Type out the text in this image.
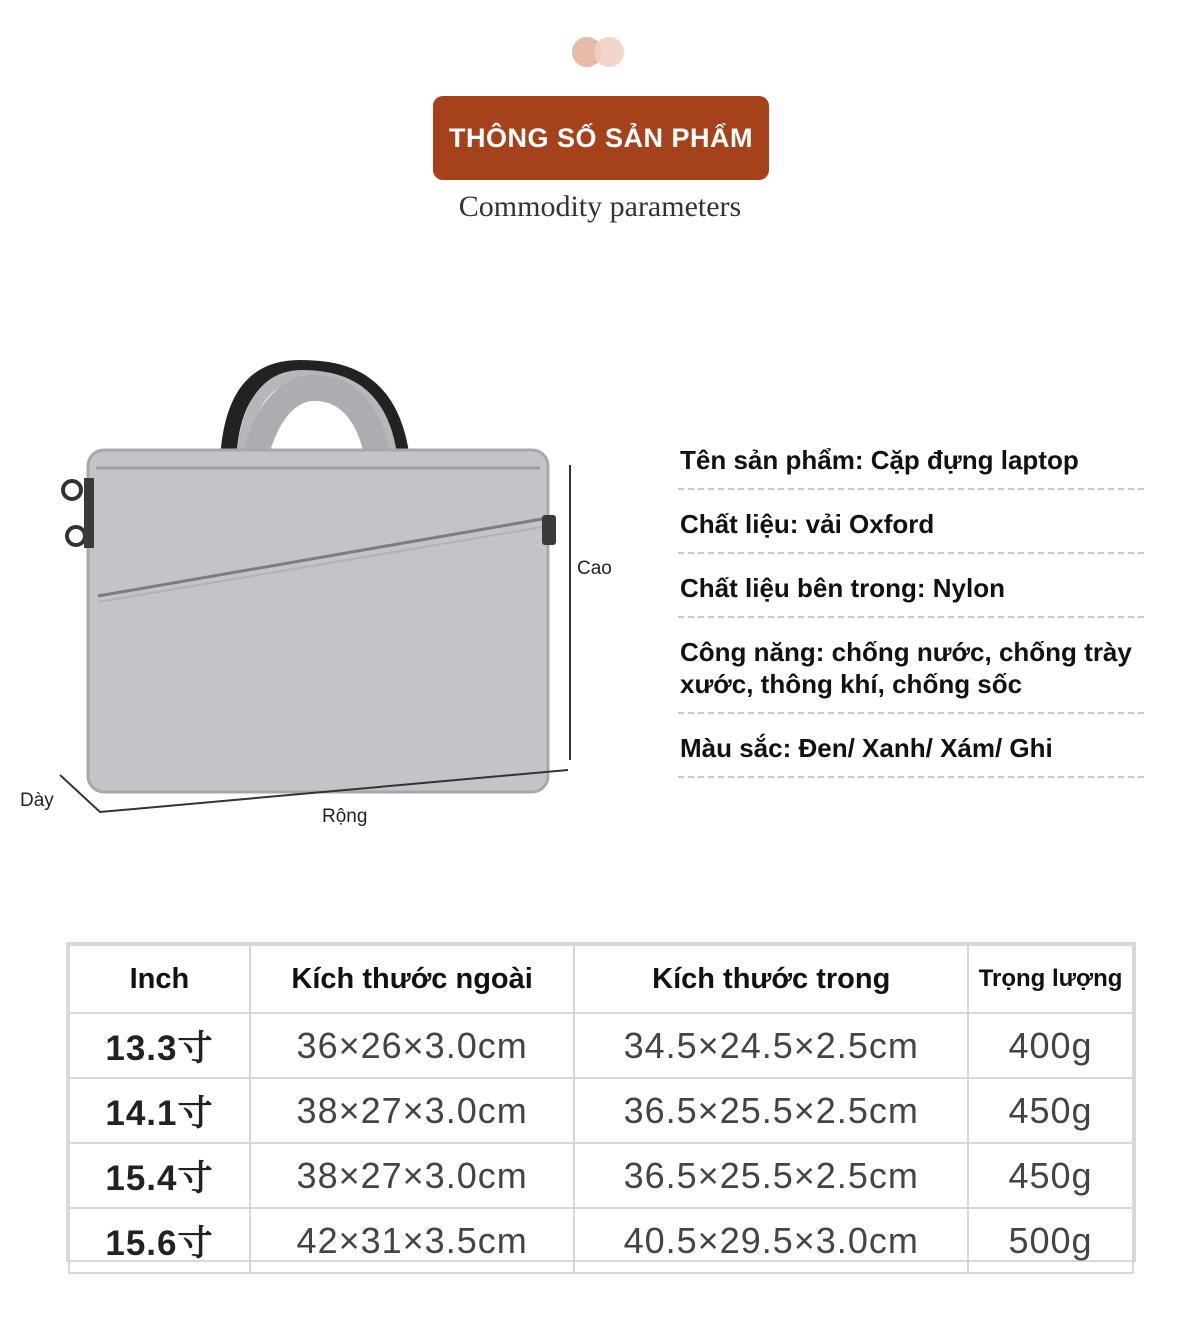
THÔNG SỐ SẢN PHẨM
Commodity parameters
Cao
Rộng
Dày
Tên sản phẩm: Cặp đựng laptop
Chất liệu: vải Oxford
Chất liệu bên trong: Nylon
Công năng: chống nước, chống trày xước, thông khí, chống sốc
Màu sắc: Đen/ Xanh/ Xám/ Ghi
Inch	Kích thước ngoài	Kích thước trong	Trọng lượng
13.3寸	36×26×3.0cm	34.5×24.5×2.5cm	400g
14.1寸	38×27×3.0cm	36.5×25.5×2.5cm	450g
15.4寸	38×27×3.0cm	36.5×25.5×2.5cm	450g
15.6寸	42×31×3.5cm	40.5×29.5×3.0cm	500g
